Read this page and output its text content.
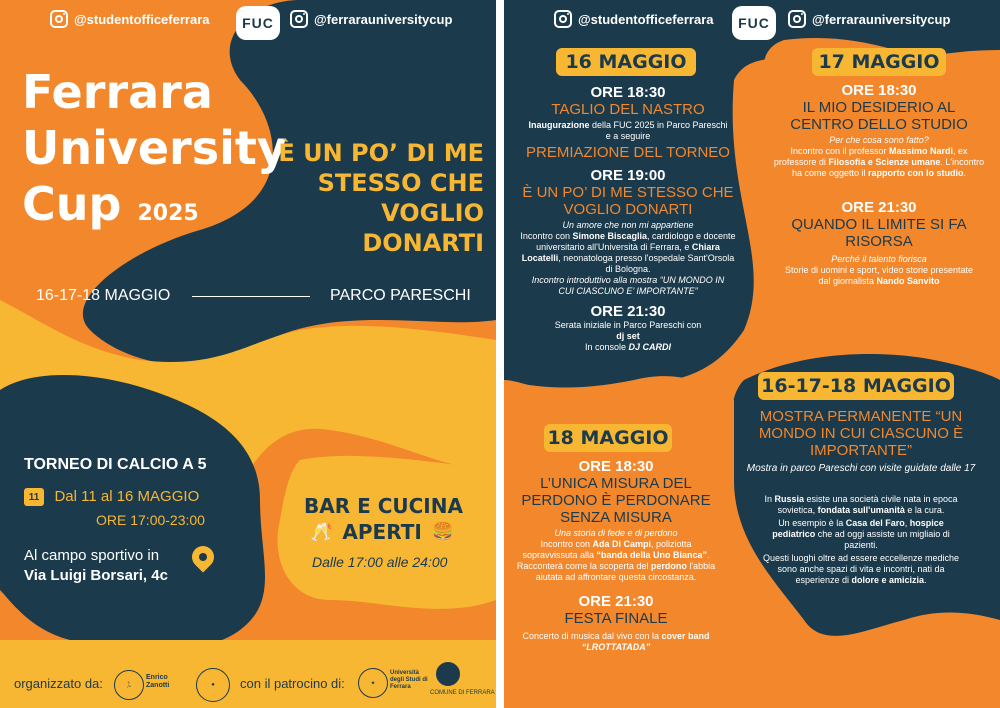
@studentofficeferrara	FUC	@ferrarauniversitycup
Ferrara
University
Cup 2025
È UN PO’ DI ME STESSO CHE VOGLIO DONARTI
16-17-18 MAGGIO	PARCO PARESCHI
TORNEO DI CALCIO A 5
11 Dal 11 al 16 MAGGIO
ORE 17:00-23:00
Al campo sportivo in
Via Luigi Borsari, 4c
BAR E CUCINA
🥂 APERTI 🍔
Dalle 17:00 alle 24:00
organizzato da:	🏃
Enrico Zanotti	●	con il patrocino di:	✦
Università degli Studi di Ferrara
COMUNE DI FERRARA
@studentofficeferrara	FUC	@ferrarauniversitycup
16 MAGGIO
ORE 18:30
TAGLIO DEL NASTRO
Inaugurazione della FUC 2025 in Parco Pareschi e a seguire
PREMIAZIONE DEL TORNEO
ORE 19:00
È UN PO’ DI ME STESSO CHE VOGLIO DONARTI
Un amore che non mi appartiene
Incontro con Simone Biscaglia, cardiologo e docente universitario all'Università di Ferrara, e Chiara Locatelli, neonatologa presso l'ospedale Sant'Orsola di Bologna.
Incontro introduttivo alla mostra “UN MONDO IN CUI CIASCUNO E’ IMPORTANTE”
ORE 21:30
Serata iniziale in Parco Pareschi con
dj set
In console DJ CARDI
17 MAGGIO
ORE 18:30
IL MIO DESIDERIO AL CENTRO DELLO STUDIO
Per che cosa sono fatto?
Incontro con il professor Massimo Nardi, ex professore di Filosofia e Scienze umane. L'incontro ha come oggetto il rapporto con lo studio.
ORE 21:30
QUANDO IL LIMITE SI FA RISORSA
Perché il talento fiorisca
Storie di uomini e sport, video storie presentate dal giornalista Nando Sanvito
18 MAGGIO
ORE 18:30
L’UNICA MISURA DEL PERDONO È PERDONARE SENZA MISURA
Una storia di fede e di perdono
Incontro con Ada Di Campi, poliziotta sopravvissuta alla “banda della Uno Bianca”. Racconterà come la scoperta del perdono l'abbia aiutata ad affrontare questa circostanza.
ORE 21:30
FESTA FINALE
Concerto di musica dal vivo con la cover band
“LROTTATADA”
16-17-18 MAGGIO
MOSTRA PERMANENTE “UN MONDO IN CUI CIASCUNO È IMPORTANTE”
Mostra in parco Pareschi con visite guidate dalle 17
In Russia esiste una società civile nata in epoca sovietica, fondata sull'umanità e la cura.
Un esempio è la Casa del Faro, hospice pediatrico che ad oggi assiste un migliaio di pazienti.
Questi luoghi oltre ad essere eccellenze mediche sono anche spazi di vita e incontri, nati da esperienze di dolore e amicizia.
